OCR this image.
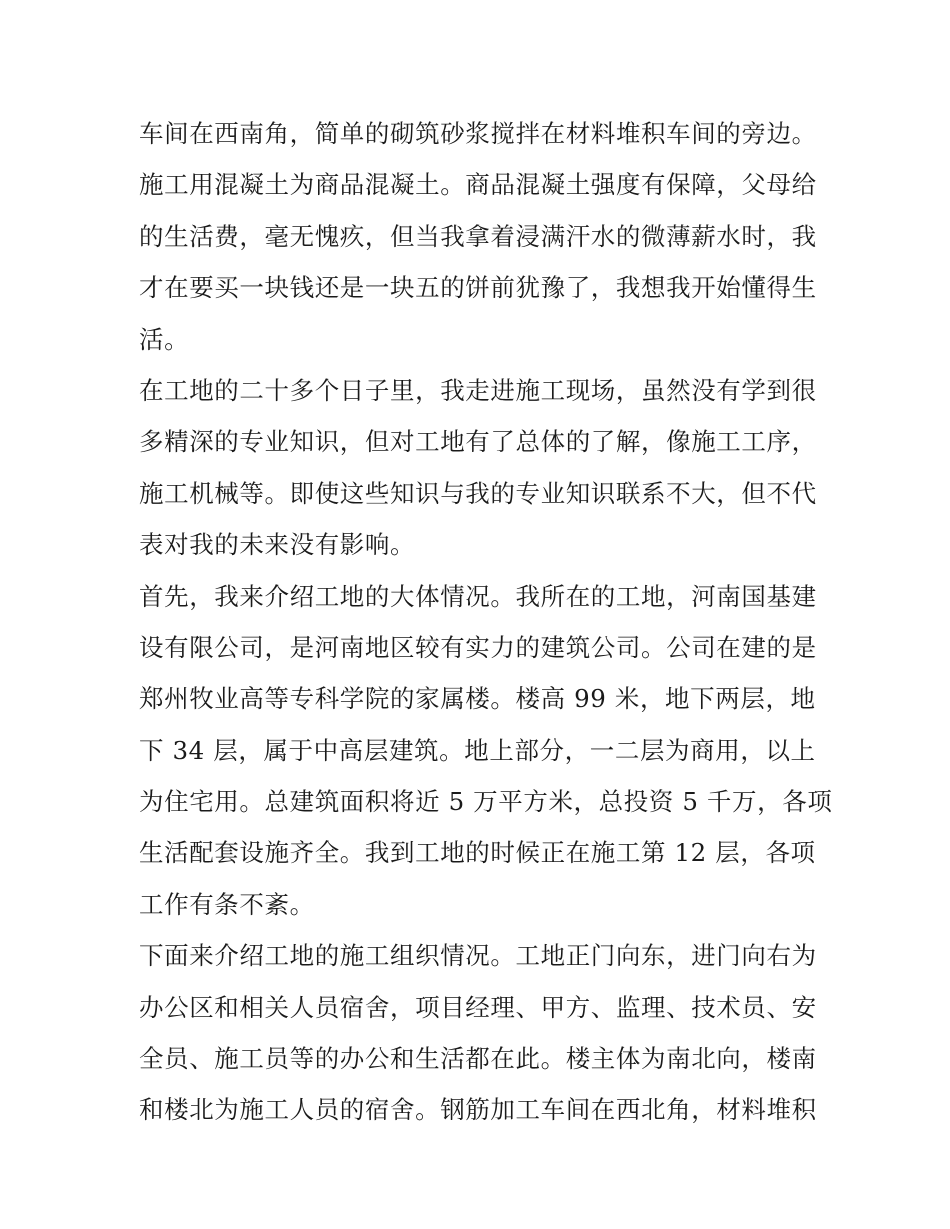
车间在西南角，简单的砌筑砂浆搅拌在材料堆积车间的旁边。
施工用混凝土为商品混凝土。商品混凝土强度有保障，父母给
的生活费，毫无愧疚，但当我拿着浸满汗水的微薄薪水时，我
才在要买一块钱还是一块五的饼前犹豫了，我想我开始懂得生
活。
在工地的二十多个日子里，我走进施工现场，虽然没有学到很
多精深的专业知识，但对工地有了总体的了解，像施工工序，
施工机械等。即使这些知识与我的专业知识联系不大，但不代
表对我的未来没有影响。
首先，我来介绍工地的大体情况。我所在的工地，河南国基建
设有限公司，是河南地区较有实力的建筑公司。公司在建的是
郑州牧业高等专科学院的家属楼。楼高 99 米，地下两层，地
下 34 层，属于中高层建筑。地上部分，一二层为商用，以上
为住宅用。总建筑面积将近 5 万平方米，总投资 5 千万，各项
生活配套设施齐全。我到工地的时候正在施工第 12 层，各项
工作有条不紊。
下面来介绍工地的施工组织情况。工地正门向东，进门向右为
办公区和相关人员宿舍，项目经理、甲方、监理、技术员、安
全员、施工员等的办公和生活都在此。楼主体为南北向，楼南
和楼北为施工人员的宿舍。钢筋加工车间在西北角，材料堆积
